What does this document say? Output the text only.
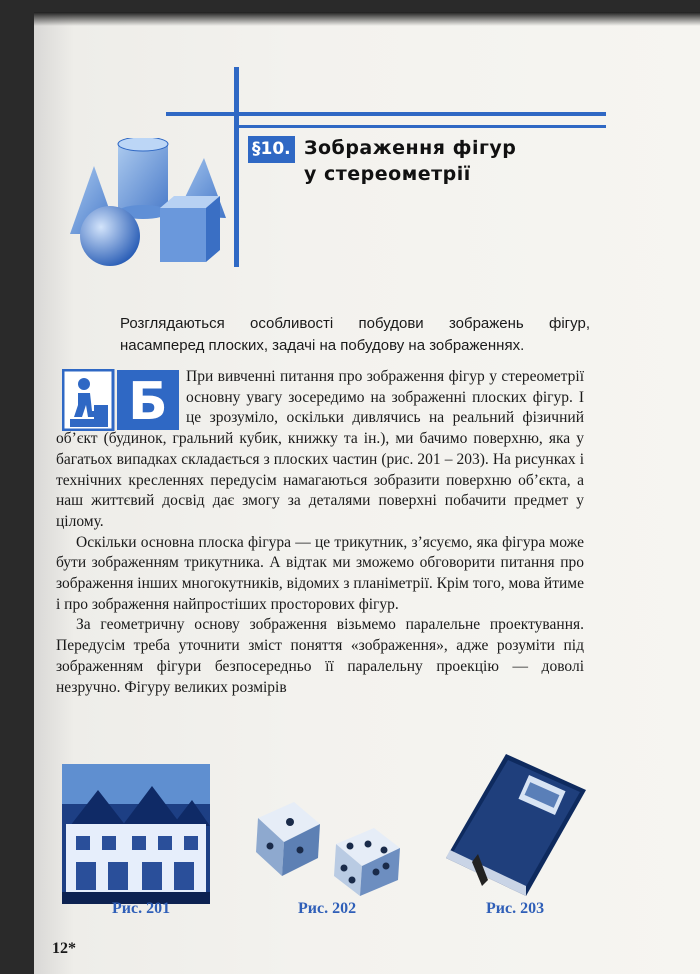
§10. Зображення фігур
у стереометрії
Розглядаються особливості побудови зображень фігур, насамперед плоских, задачі на побудову на зображеннях.
Б	При вивченні питання про зображення фігур у стереометрії основну увагу зосередимо на зображенні плоских фігур. І це зрозуміло, оскільки дивлячись на реальний фізичний об’єкт (будинок, гральний кубик, книжку та ін.), ми бачимо поверхню, яка у багатьох випадках складається з плоских частин (рис. 201 – 203). На рисунках і технічних кресленнях передусім намагаються зобразити поверхню об’єкта, а наш життєвий досвід дає змогу за деталями поверхні побачити предмет у цілому.

Оскільки основна плоска фігура — це трикутник, з’ясуємо, яка фігура може бути зображенням трикутника. А відтак ми зможемо обговорити питання про зображення інших многокутників, відомих з планіметрії. Крім того, мова йтиме і про зображення найпростіших просторових фігур.

За геометричну основу зображення візьмемо паралельне проектування. Передусім треба уточнити зміст поняття «зображення», адже розуміти під зображенням фігури безпосередньо її паралельну проекцію — доволі незручно. Фігуру великих розмірів

Рис. 201	Рис. 202	Рис. 203
12*
